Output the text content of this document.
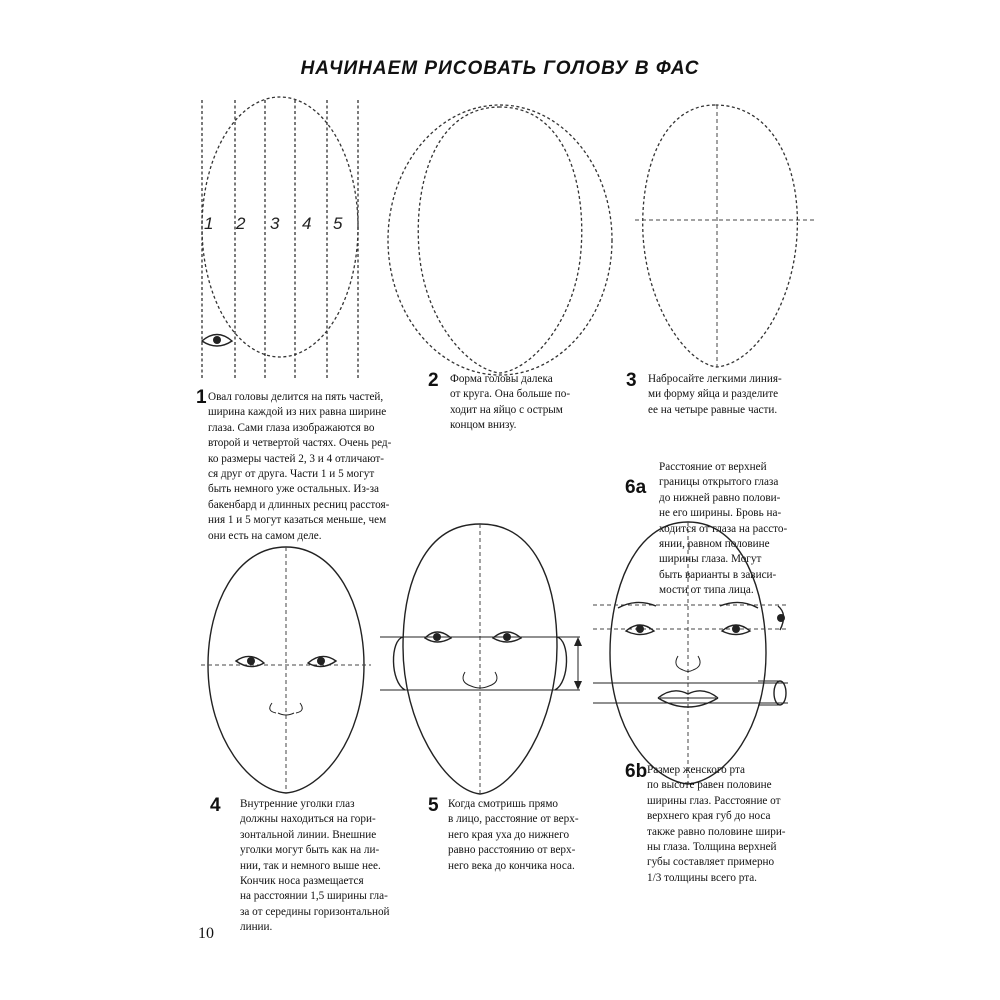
НАЧИНАЕМ РИСОВАТЬ ГОЛОВУ В ФАС
1 2 3 4 5
1 Овал головы делится на пять частей,
ширина каждой из них равна ширине
глаза. Сами глаза изображаются во
второй и четвертой частях. Очень ред-
ко размеры частей 2, 3 и 4 отличают-
ся друг от друга. Части 1 и 5 могут
быть немного уже остальных. Из-за
бакенбард и длинных ресниц расстоя-
ния 1 и 5 могут казаться меньше, чем
они есть на самом деле.
2 Форма головы далека
от круга. Она больше по-
ходит на яйцо с острым
концом внизу.
3 Набросайте легкими линия-
ми форму яйца и разделите
ее на четыре равные части.
6a
Расстояние от верхней
границы открытого глаза
до нижней равно полови-
не его ширины. Бровь на-
ходится от глаза на рассто-
янии, равном половине
ширины глаза. Могут
быть варианты в зависи-
мости от типа лица.
4 Внутренние уголки глаз
должны находиться на гори-
зонтальной линии. Внешние
уголки могут быть как на ли-
нии, так и немного выше нее.
Кончик носа размещается
на расстоянии 1,5 ширины гла-
за от середины горизонтальной
линии.
5 Когда смотришь прямо
в лицо, расстояние от верх-
него края уха до нижнего
равно расстоянию от верх-
него века до кончика носа.
6b Размер женского рта
по высоте равен половине
ширины глаз. Расстояние от
верхнего края губ до носа
также равно половине шири-
ны глаза. Толщина верхней
губы составляет примерно
1/3 толщины всего рта.
10
